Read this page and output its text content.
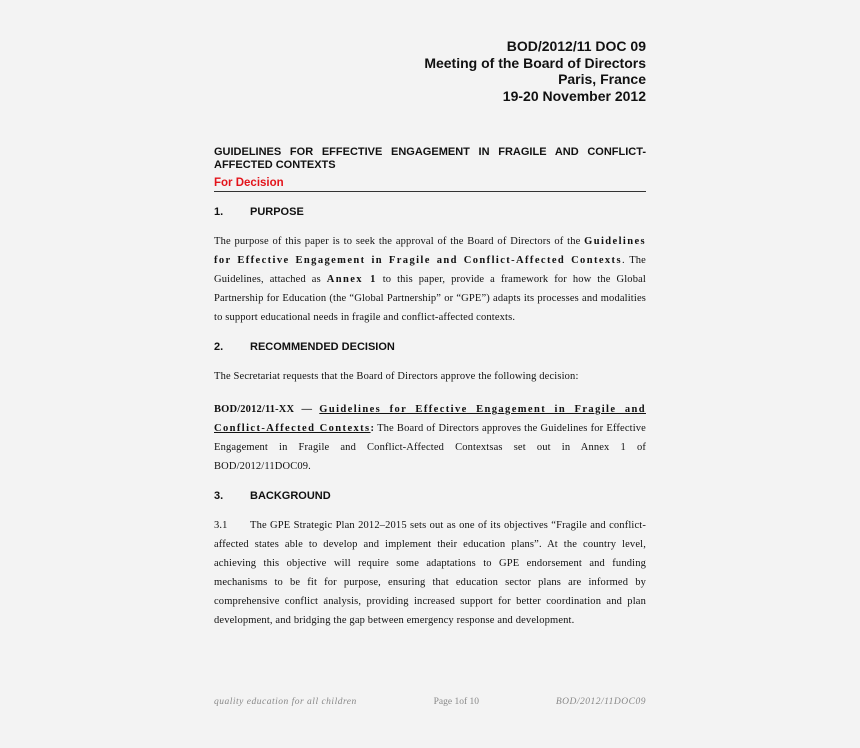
BOD/2012/11 DOC 09
Meeting of the Board of Directors
Paris, France
19-20 November 2012
GUIDELINES FOR EFFECTIVE ENGAGEMENT IN FRAGILE AND CONFLICT-AFFECTED CONTEXTS
For Decision
1.	PURPOSE
The purpose of this paper is to seek the approval of the Board of Directors of the Guidelines for Effective Engagement in Fragile and Conflict-Affected Contexts. The Guidelines, attached as Annex 1 to this paper, provide a framework for how the Global Partnership for Education (the “Global Partnership” or “GPE”) adapts its processes and modalities to support educational needs in fragile and conflict-affected contexts.
2.	RECOMMENDED DECISION
The Secretariat requests that the Board of Directors approve the following decision:
BOD/2012/11-XX — Guidelines for Effective Engagement in Fragile and Conflict-Affected Contexts: The Board of Directors approves the Guidelines for Effective Engagement in Fragile and Conflict-Affected Contextsas set out in Annex 1 of BOD/2012/11DOC09.
3.	BACKGROUND
3.1 The GPE Strategic Plan 2012–2015 sets out as one of its objectives “Fragile and conflict-affected states able to develop and implement their education plans”. At the country level, achieving this objective will require some adaptations to GPE endorsement and funding mechanisms to be fit for purpose, ensuring that education sector plans are informed by comprehensive conflict analysis, providing increased support for better coordination and plan development, and bridging the gap between emergency response and development.
quality education for all children	Page 1of 10	BOD/2012/11DOC09
